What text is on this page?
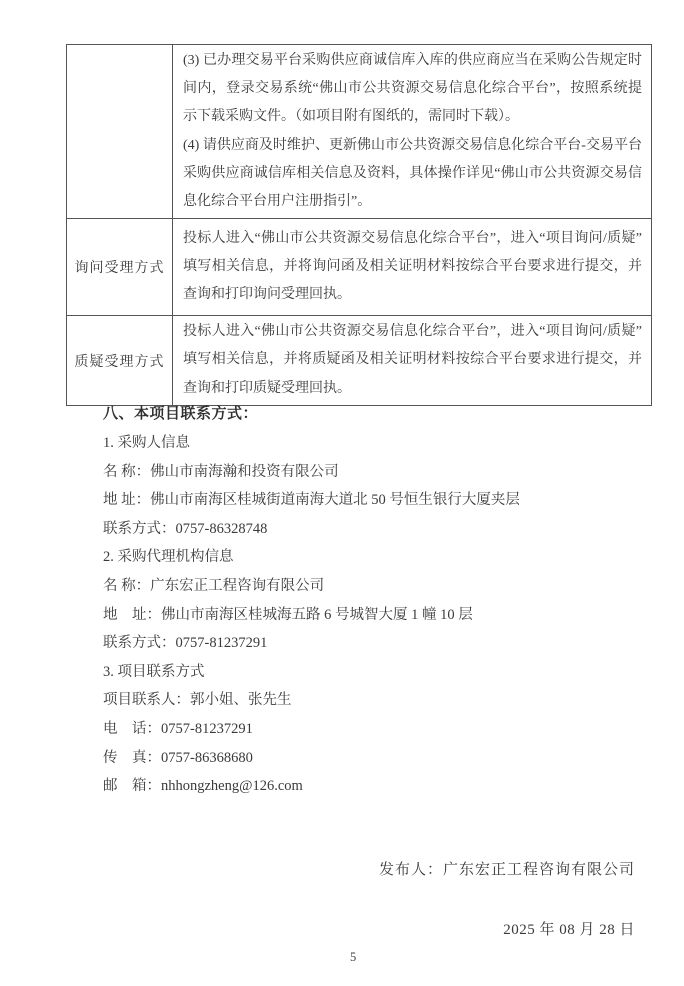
	(3) 已办理交易平台采购供应商诚信库入库的供应商应当在采购公告规定时间内，登录交易系统“佛山市公共资源交易信息化综合平台”，按照系统提示下载采购文件。（如项目附有图纸的，需同时下载）。

(4) 请供应商及时维护、更新佛山市公共资源交易信息化综合平台-交易平台采购供应商诚信库相关信息及资料，具体操作详见“佛山市公共资源交易信息化综合平台用户注册指引”。

询问受理方式	投标人进入“佛山市公共资源交易信息化综合平台”，进入“项目询问/质疑”填写相关信息，并将询问函及相关证明材料按综合平台要求进行提交，并查询和打印询问受理回执。

质疑受理方式	投标人进入“佛山市公共资源交易信息化综合平台”，进入“项目询问/质疑”填写相关信息，并将质疑函及相关证明材料按综合平台要求进行提交，并查询和打印质疑受理回执。

八、本项目联系方式：
1. 采购人信息
名 称：佛山市南海瀚和投资有限公司
地 址：佛山市南海区桂城街道南海大道北 50 号恒生银行大厦夹层
联系方式：0757-86328748
2. 采购代理机构信息
名 称：广东宏正工程咨询有限公司
地　址：佛山市南海区桂城海五路 6 号城智大厦 1 幢 10 层
联系方式：0757-81237291
3. 项目联系方式
项目联系人：郭小姐、张先生
电　话：0757-81237291
传　真：0757-86368680
邮　箱：nhhongzheng@126.com
发布人：广东宏正工程咨询有限公司
2025 年 08 月 28 日
5
